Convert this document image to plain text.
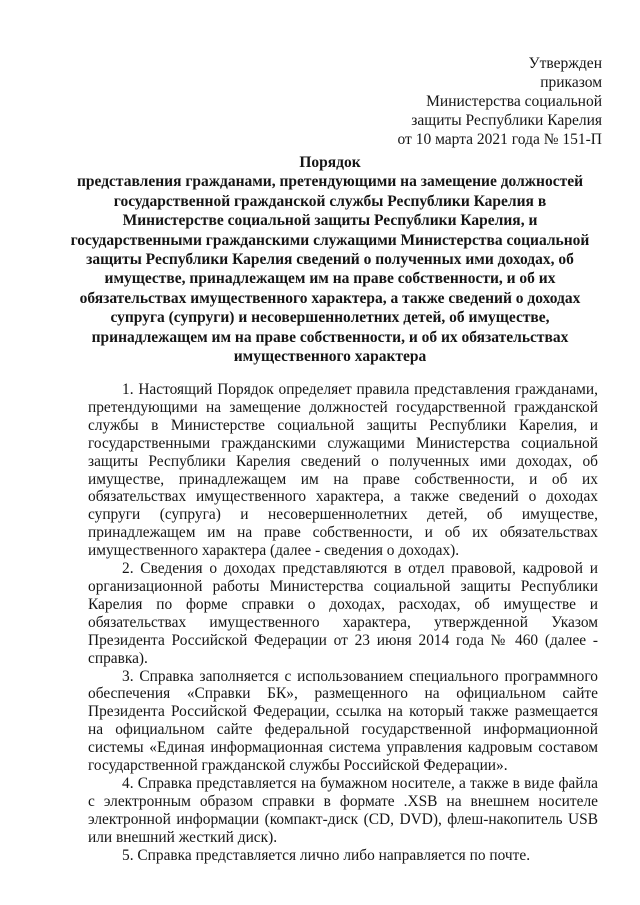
Утвержден
приказом
Министерства социальной
защиты Республики Карелия
от 10 марта 2021 года № 151-П
Порядок
представления гражданами, претендующими на замещение должностей государственной гражданской службы Республики Карелия в Министерстве социальной защиты Республики Карелия, и государственными гражданскими служащими Министерства социальной защиты Республики Карелия сведений о полученных ими доходах, об имуществе, принадлежащем им на праве собственности, и об их обязательствах имущественного характера, а также сведений о доходах супруга (супруги) и несовершеннолетних детей, об имуществе, принадлежащем им на праве собственности, и об их обязательствах имущественного характера

1. Настоящий Порядок определяет правила представления гражданами, претендующими на замещение должностей государственной гражданской службы в Министерстве социальной защиты Республики Карелия, и государственными гражданскими служащими Министерства социальной защиты Республики Карелия сведений о полученных ими доходах, об имуществе, принадлежащем им на праве собственности, и об их обязательствах имущественного характера, а также сведений о доходах супруги (супруга) и несовершеннолетних детей, об имуществе, принадлежащем им на праве собственности, и об их обязательствах имущественного характера (далее - сведения о доходах).

2. Сведения о доходах представляются в отдел правовой, кадровой и организационной работы Министерства социальной защиты Республики Карелия по форме справки о доходах, расходах, об имуществе и обязательствах имущественного характера, утвержденной Указом Президента Российской Федерации от 23 июня 2014 года № 460 (далее - справка).

3. Справка заполняется с использованием специального программного обеспечения «Справки БК», размещенного на официальном сайте Президента Российской Федерации, ссылка на который также размещается на официальном сайте федеральной государственной информационной системы «Единая информационная система управления кадровым составом государственной гражданской службы Российской Федерации».

4. Справка представляется на бумажном носителе, а также в виде файла с электронным образом справки в формате .XSB на внешнем носителе электронной информации (компакт-диск (CD, DVD), флеш-накопитель USB или внешний жесткий диск).

5. Справка представляется лично либо направляется по почте.
